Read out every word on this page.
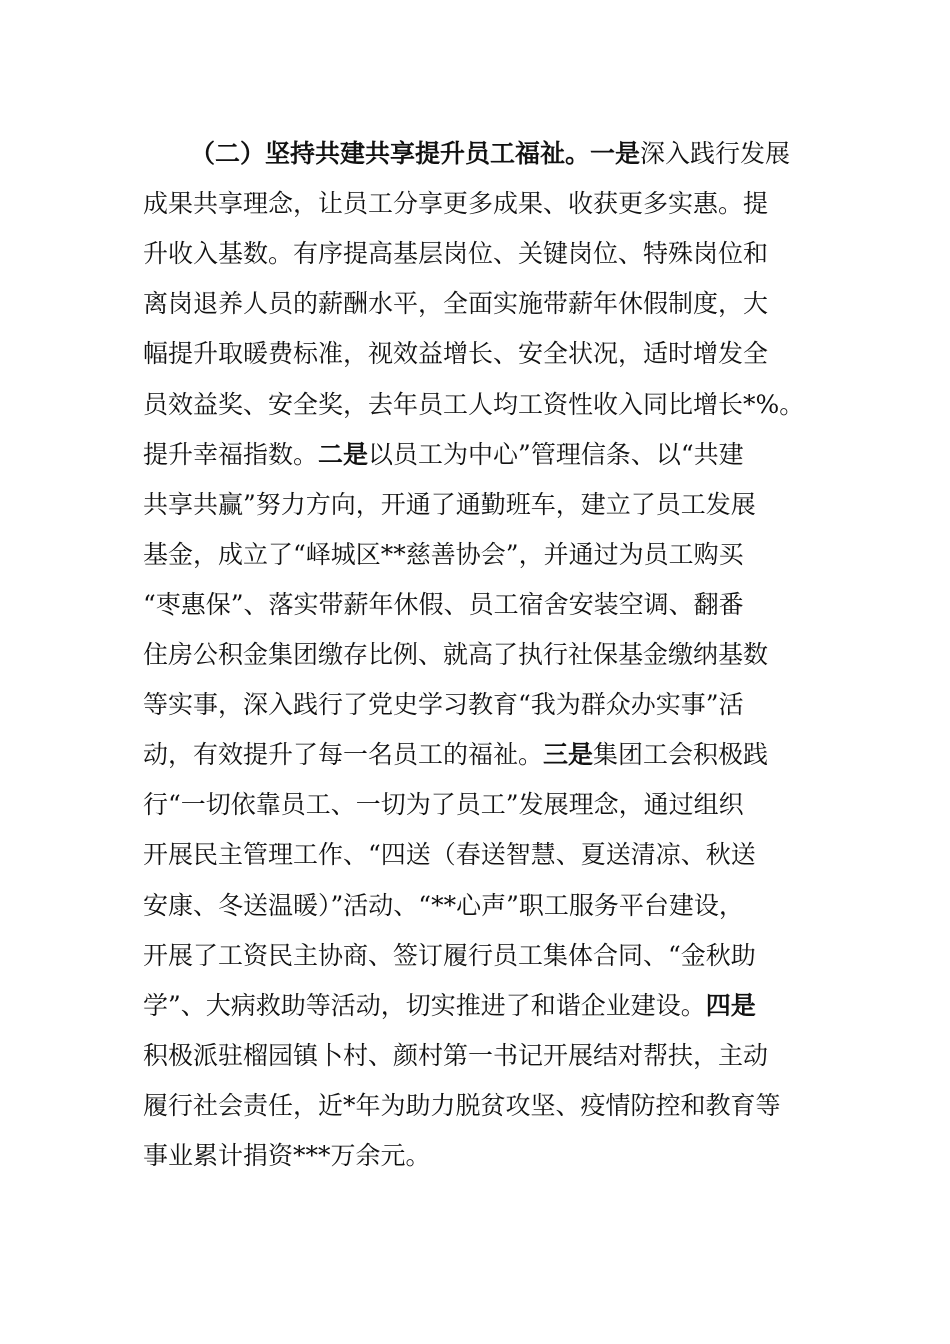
（二）坚持共建共享提升员工福祉。一是深入践行发展
成果共享理念，让员工分享更多成果、收获更多实惠。提
升收入基数。有序提高基层岗位、关键岗位、特殊岗位和
离岗退养人员的薪酬水平，全面实施带薪年休假制度，大
幅提升取暖费标准，视效益增长、安全状况，适时增发全
员效益奖、安全奖，去年员工人均工资性收入同比增长*%。
提升幸福指数。二是以员工为中心”管理信条、以“共建
共享共赢”努力方向，开通了通勤班车，建立了员工发展
基金，成立了“峄城区**慈善协会”，并通过为员工购买
“枣惠保”、落实带薪年休假、员工宿舍安装空调、翻番
住房公积金集团缴存比例、就高了执行社保基金缴纳基数
等实事，深入践行了党史学习教育“我为群众办实事”活
动，有效提升了每一名员工的福祉。三是集团工会积极践
行“一切依靠员工、一切为了员工”发展理念，通过组织
开展民主管理工作、“四送（春送智慧、夏送清凉、秋送
安康、冬送温暖）”活动、“**心声”职工服务平台建设，
开展了工资民主协商、签订履行员工集体合同、“金秋助
学”、大病救助等活动，切实推进了和谐企业建设。四是
积极派驻榴园镇卜村、颜村第一书记开展结对帮扶，主动
履行社会责任，近*年为助力脱贫攻坚、疫情防控和教育等
事业累计捐资***万余元。
